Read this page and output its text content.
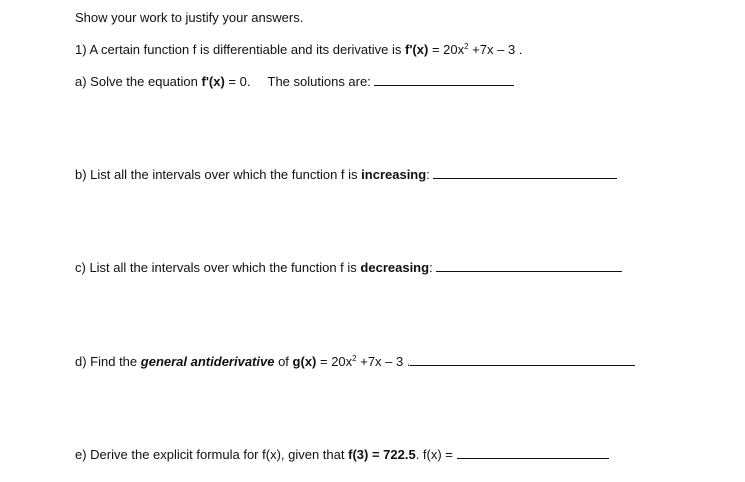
Show your work to justify your answers.
1) A certain function f is differentiable and its derivative is $f'(x) = 20x^2 +7x - 3$ .
a) Solve the equation f'(x) = 0. The solutions are:
b) List all the intervals over which the function f is increasing:
c) List all the intervals over which the function f is decreasing:
d) Find the general antiderivative of $g(x) = 20x^2 +7x - 3$ .
e) Derive the explicit formula for f(x), given that f(3) = 722.5. f(x) =
